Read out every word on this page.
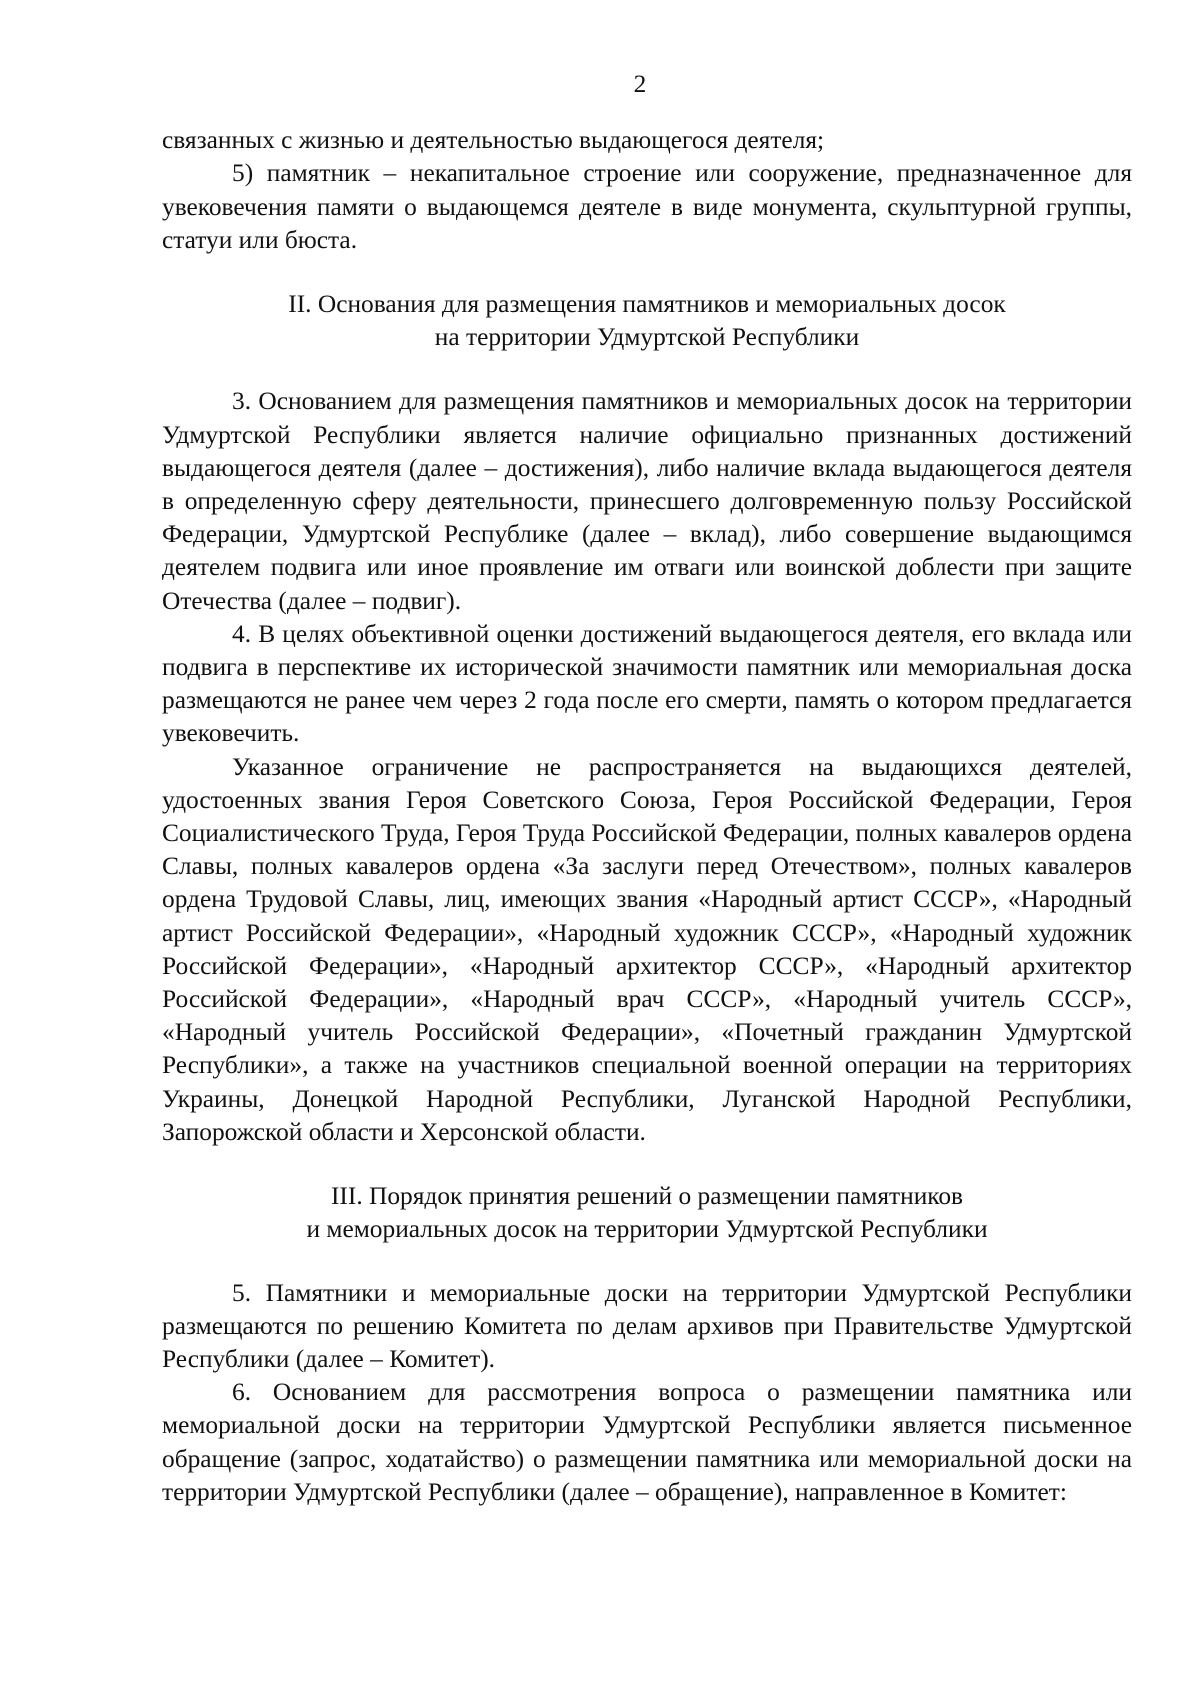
2

связанных с жизнью и деятельностью выдающегося деятеля;

5) памятник – некапитальное строение или сооружение, предназначенное для увековечения памяти о выдающемся деятеле в виде монумента, скульптурной группы, статуи или бюста.

II. Основания для размещения памятников и мемориальных досок
на территории Удмуртской Республики

3. Основанием для размещения памятников и мемориальных досок на территории Удмуртской Республики является наличие официально признанных достижений выдающегося деятеля (далее – достижения), либо наличие вклада выдающегося деятеля в определенную сферу деятельности, принесшего долговременную пользу Российской Федерации, Удмуртской Республике (далее – вклад), либо совершение выдающимся деятелем подвига или иное проявление им отваги или воинской доблести при защите Отечества (далее – подвиг).

4. В целях объективной оценки достижений выдающегося деятеля, его вклада или подвига в перспективе их исторической значимости памятник или мемориальная доска размещаются не ранее чем через 2 года после его смерти, память о котором предлагается увековечить.

Указанное ограничение не распространяется на выдающихся деятелей, удостоенных звания Героя Советского Союза, Героя Российской Федерации, Героя Социалистического Труда, Героя Труда Российской Федерации, полных кавалеров ордена Славы, полных кавалеров ордена «За заслуги перед Отечеством», полных кавалеров ордена Трудовой Славы, лиц, имеющих звания «Народный артист СССР», «Народный артист Российской Федерации», «Народный художник СССР», «Народный художник Российской Федерации», «Народный архитектор СССР», «Народный архитектор Российской Федерации», «Народный врач СССР», «Народный учитель СССР», «Народный учитель Российской Федерации», «Почетный гражданин Удмуртской Республики», а также на участников специальной военной операции на территориях Украины, Донецкой Народной Республики, Луганской Народной Республики, Запорожской области и Херсонской области.

III. Порядок принятия решений о размещении памятников
и мемориальных досок на территории Удмуртской Республики

5. Памятники и мемориальные доски на территории Удмуртской Республики размещаются по решению Комитета по делам архивов при Правительстве Удмуртской Республики (далее – Комитет).

6. Основанием для рассмотрения вопроса о размещении памятника или мемориальной доски на территории Удмуртской Республики является письменное обращение (запрос, ходатайство) о размещении памятника или мемориальной доски на территории Удмуртской Республики (далее – обращение), направленное в Комитет:
